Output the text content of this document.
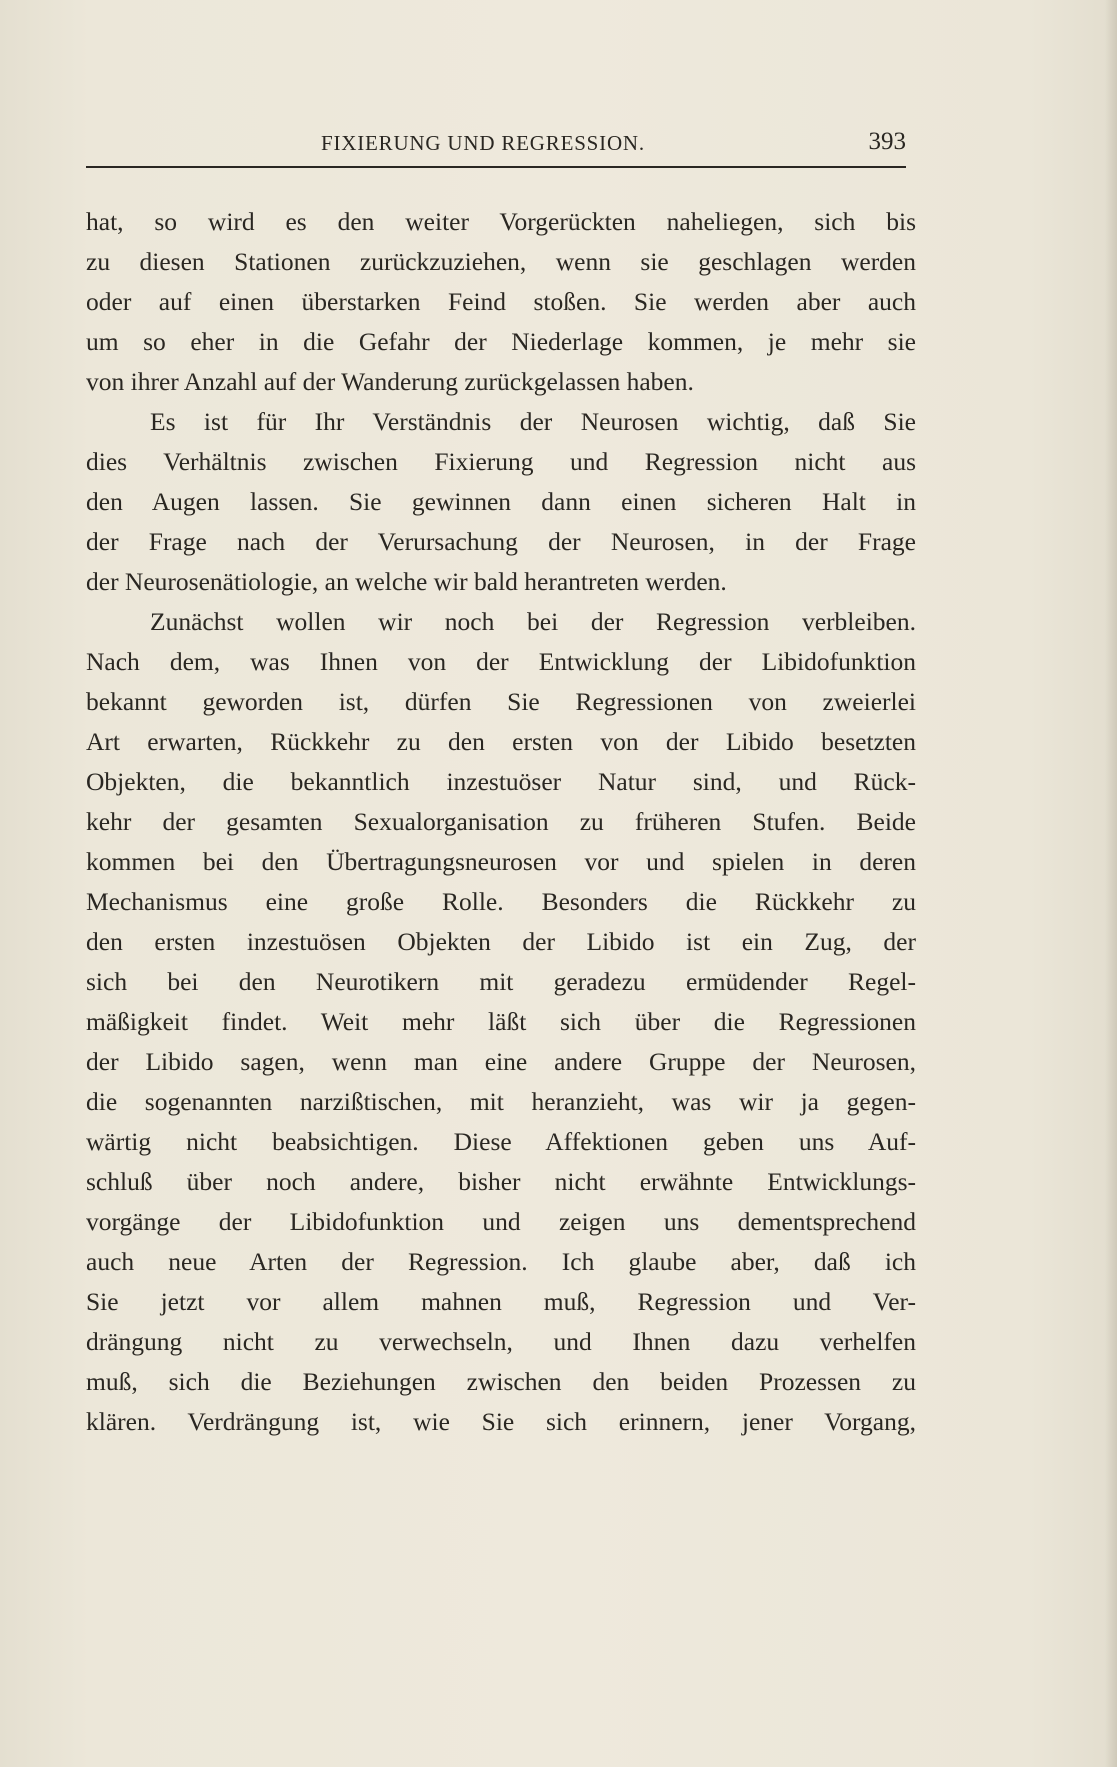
FIXIERUNG UND REGRESSION.	393
hat, so wird es den weiter Vorgerückten naheliegen, sich bis
zu diesen Stationen zurückzuziehen, wenn sie geschlagen werden
oder auf einen überstarken Feind stoßen. Sie werden aber auch
um so eher in die Gefahr der Niederlage kommen, je mehr sie
von ihrer Anzahl auf der Wanderung zurückgelassen haben.
Es ist für Ihr Verständnis der Neurosen wichtig, daß Sie
dies Verhältnis zwischen Fixierung und Regression nicht aus
den Augen lassen. Sie gewinnen dann einen sicheren Halt in
der Frage nach der Verursachung der Neurosen, in der Frage
der Neurosenätiologie, an welche wir bald herantreten werden.
Zunächst wollen wir noch bei der Regression verbleiben.
Nach dem, was Ihnen von der Entwicklung der Libidofunktion
bekannt geworden ist, dürfen Sie Regressionen von zweierlei
Art erwarten, Rückkehr zu den ersten von der Libido besetzten
Objekten, die bekanntlich inzestuöser Natur sind, und Rück-
kehr der gesamten Sexualorganisation zu früheren Stufen. Beide
kommen bei den Übertragungsneurosen vor und spielen in deren
Mechanismus eine große Rolle. Besonders die Rückkehr zu
den ersten inzestuösen Objekten der Libido ist ein Zug, der
sich bei den Neurotikern mit geradezu ermüdender Regel-
mäßigkeit findet. Weit mehr läßt sich über die Regressionen
der Libido sagen, wenn man eine andere Gruppe der Neurosen,
die sogenannten narzißtischen, mit heranzieht, was wir ja gegen-
wärtig nicht beabsichtigen. Diese Affektionen geben uns Auf-
schluß über noch andere, bisher nicht erwähnte Entwicklungs-
vorgänge der Libidofunktion und zeigen uns dementsprechend
auch neue Arten der Regression. Ich glaube aber, daß ich
Sie jetzt vor allem mahnen muß, Regression und Ver-
drängung nicht zu verwechseln, und Ihnen dazu verhelfen
muß, sich die Beziehungen zwischen den beiden Prozessen zu
klären. Verdrängung ist, wie Sie sich erinnern, jener Vorgang,
